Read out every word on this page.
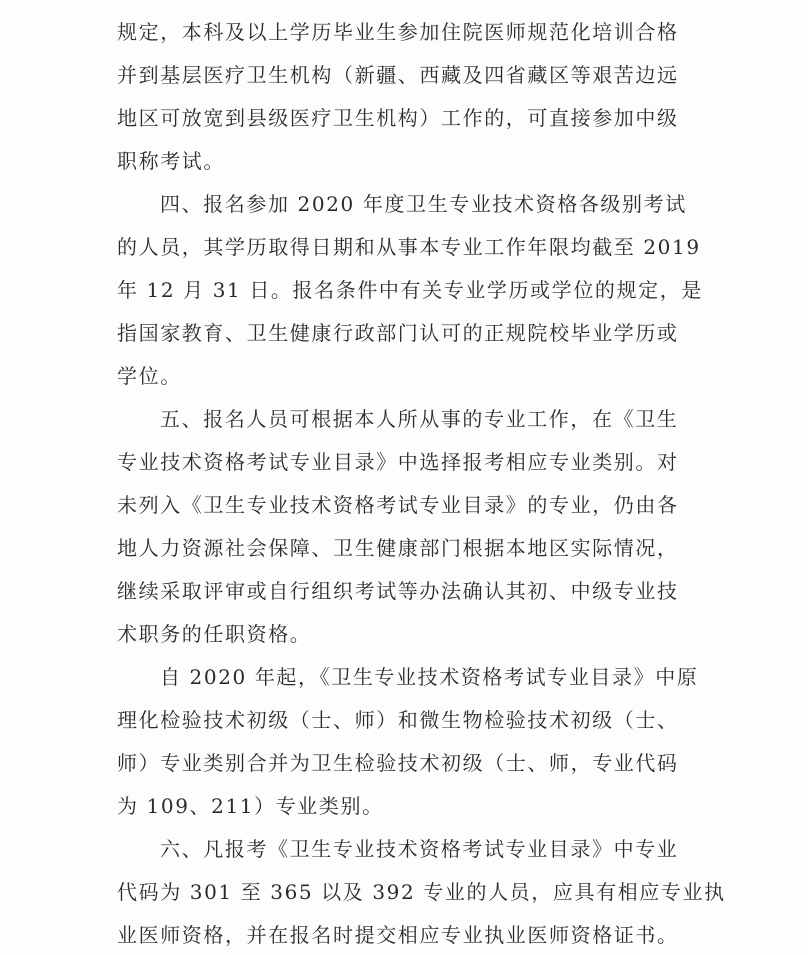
规定，本科及以上学历毕业生参加住院医师规范化培训合格
并到基层医疗卫生机构（新疆、西藏及四省藏区等艰苦边远
地区可放宽到县级医疗卫生机构）工作的，可直接参加中级
职称考试。
四、报名参加 2020 年度卫生专业技术资格各级别考试
的人员，其学历取得日期和从事本专业工作年限均截至 2019
年 12 月 31 日。报名条件中有关专业学历或学位的规定，是
指国家教育、卫生健康行政部门认可的正规院校毕业学历或
学位。
五、报名人员可根据本人所从事的专业工作，在《卫生
专业技术资格考试专业目录》中选择报考相应专业类别。对
未列入《卫生专业技术资格考试专业目录》的专业，仍由各
地人力资源社会保障、卫生健康部门根据本地区实际情况，
继续采取评审或自行组织考试等办法确认其初、中级专业技
术职务的任职资格。
自 2020 年起，《卫生专业技术资格考试专业目录》中原
理化检验技术初级（士、师）和微生物检验技术初级（士、
师）专业类别合并为卫生检验技术初级（士、师，专业代码
为 109、211）专业类别。
六、凡报考《卫生专业技术资格考试专业目录》中专业
代码为 301 至 365 以及 392 专业的人员，应具有相应专业执
业医师资格，并在报名时提交相应专业执业医师资格证书。
